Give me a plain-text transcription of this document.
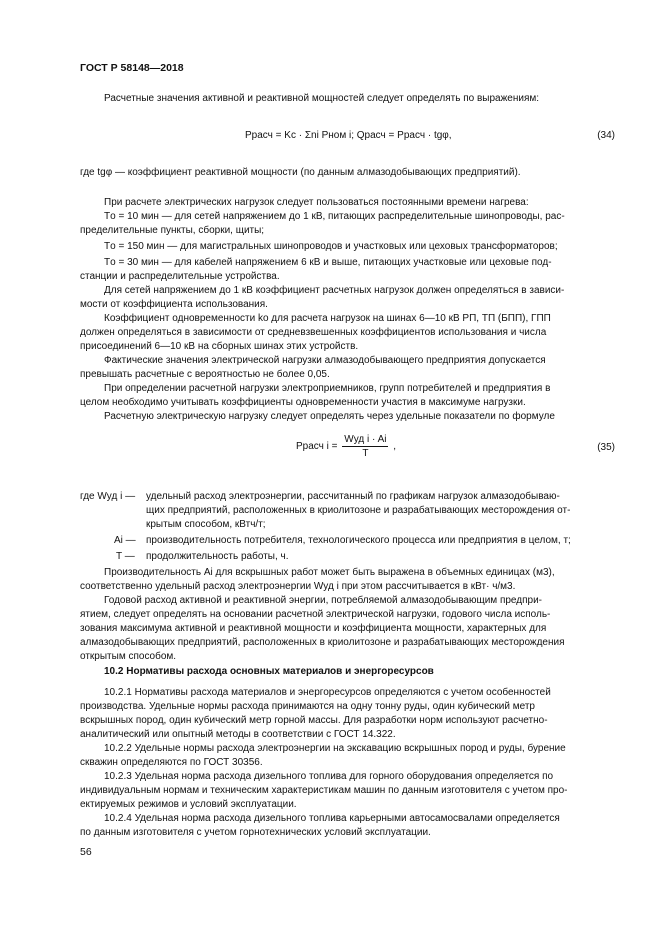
ГОСТ Р 58148—2018
Расчетные значения активной и реактивной мощностей следует определять по выражениям:
Pрасч = Kс · Σni Pном i; Qрасч = Pрасч · tgφ,	(34)
где tgφ — коэффициент реактивной мощности (по данным алмазодобывающих предприятий).
При расчете электрических нагрузок следует пользоваться постоянными времени нагрева:
Tо = 10 мин — для сетей напряжением до 1 кВ, питающих распределительные шинопроводы, рас-
пределительные пункты, сборки, щиты;
Tо = 150 мин — для магистральных шинопроводов и участковых или цеховых трансформаторов;
Tо = 30 мин — для кабелей напряжением 6 кВ и выше, питающих участковые или цеховые под-
станции и распределительные устройства.
Для сетей напряжением до 1 кВ коэффициент расчетных нагрузок должен определяться в зависи-
мости от коэффициента использования.
Коэффициент одновременности kо для расчета нагрузок на шинах 6—10 кВ РП, ТП (БПП), ГПП
должен определяться в зависимости от средневзвешенных коэффициентов использования и числа
присоединений 6—10 кВ на сборных шинах этих устройств.
Фактические значения электрической нагрузки алмазодобывающего предприятия допускается
превышать расчетные с вероятностью не более 0,05.
При определении расчетной нагрузки электроприемников, групп потребителей и предприятия в
целом необходимо учитывать коэффициенты одновременности участия в максимуме нагрузки.
Расчетную электрическую нагрузку следует определять через удельные показатели по формуле
Pрасч $i = \frac{\text{Wуд i · Ai}}{T}$ ,	(35)
где Wуд i — удельный расход электроэнергии, рассчитанный по графикам нагрузок алмазодобываю-
щих предприятий, расположенных в криолитозоне и разрабатывающих месторождения от-
крытым способом, кВтч/т;
Ai — производительность потребителя, технологического процесса или предприятия в целом, т;
T — продолжительность работы, ч.
Производительность Ai для вскрышных работ может быть выражена в объемных единицах (м3),
соответственно удельный расход электроэнергии Wуд i при этом рассчитывается в кВт· ч/м3.
Годовой расход активной и реактивной энергии, потребляемой алмазодобывающим предпри-
ятием, следует определять на основании расчетной электрической нагрузки, годового числа исполь-
зования максимума активной и реактивной мощности и коэффициента мощности, характерных для
алмазодобывающих предприятий, расположенных в криолитозоне и разрабатывающих месторождения
открытым способом.
10.2 Нормативы расхода основных материалов и энергоресурсов
10.2.1 Нормативы расхода материалов и энергоресурсов определяются с учетом особенностей
производства. Удельные нормы расхода принимаются на одну тонну руды, один кубический метр
вскрышных пород, один кубический метр горной массы. Для разработки норм используют расчетно-
аналитический или опытный методы в соответствии с ГОСТ 14.322.
10.2.2 Удельные нормы расхода электроэнергии на экскавацию вскрышных пород и руды, бурение
скважин определяются по ГОСТ 30356.
10.2.3 Удельная норма расхода дизельного топлива для горного оборудования определяется по
индивидуальным нормам и техническим характеристикам машин по данным изготовителя с учетом про-
ектируемых режимов и условий эксплуатации.
10.2.4 Удельная норма расхода дизельного топлива карьерными автосамосвалами определяется
по данным изготовителя с учетом горнотехнических условий эксплуатации.
56
